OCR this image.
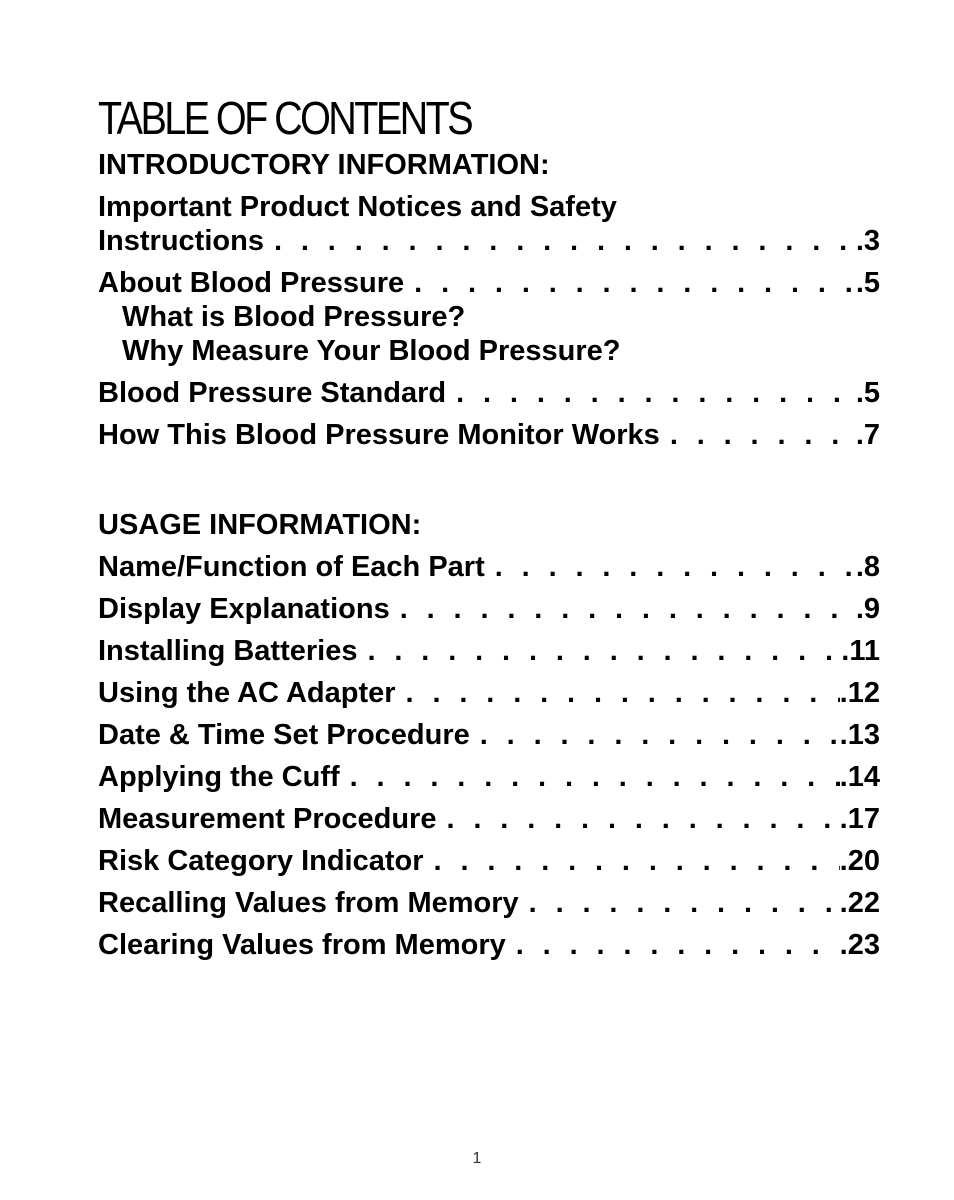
TABLE OF CONTENTS
INTRODUCTORY INFORMATION:
Important Product Notices and Safety
Instructions . . .	.3
About Blood Pressure . . .	.5
What is Blood Pressure?
Why Measure Your Blood Pressure?
Blood Pressure Standard . . .	.5
How This Blood Pressure Monitor Works . . .	.7
USAGE INFORMATION:
Name/Function of Each Part . . .	.8
Display Explanations . . .	.9
Installing Batteries . . .	.11
Using the AC Adapter . . .	.12
Date & Time Set Procedure . . .	.13
Applying the Cuff . . .	.14
Measurement Procedure . . .	.17
Risk Category Indicator . . .	.20
Recalling Values from Memory . . .	.22
Clearing Values from Memory . . .	.23
1
